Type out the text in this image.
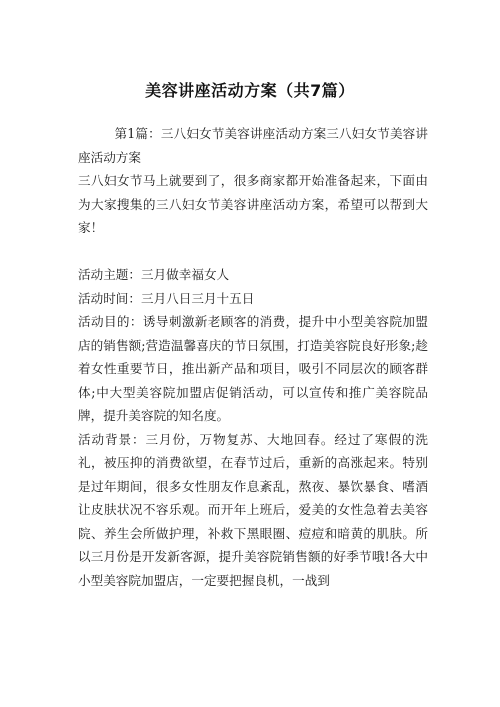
美容讲座活动方案（共7篇）

第1篇：三八妇女节美容讲座活动方案三八妇女节美容讲座活动方案

三八妇女节马上就要到了，很多商家都开始准备起来，下面由为大家搜集的三八妇女节美容讲座活动方案，希望可以帮到大家！

活动主题：三月做幸福女人

活动时间：三月八日三月十五日

活动目的：诱导刺激新老顾客的消费，提升中小型美容院加盟店的销售额;营造温馨喜庆的节日氛围，打造美容院良好形象;趁着女性重要节日，推出新产品和项目，吸引不同层次的顾客群体;中大型美容院加盟店促销活动，可以宣传和推广美容院品牌，提升美容院的知名度。

活动背景：三月份，万物复苏、大地回春。经过了寒假的洗礼，被压抑的消费欲望，在春节过后，重新的高涨起来。特别是过年期间，很多女性朋友作息紊乱，熬夜、暴饮暴食、嗜酒让皮肤状况不容乐观。而开年上班后，爱美的女性急着去美容院、养生会所做护理，补救下黑眼圈、痘痘和暗黄的肌肤。所以三月份是开发新客源，提升美容院销售额的好季节哦!各大中小型美容院加盟店，一定要把握良机，一战到
